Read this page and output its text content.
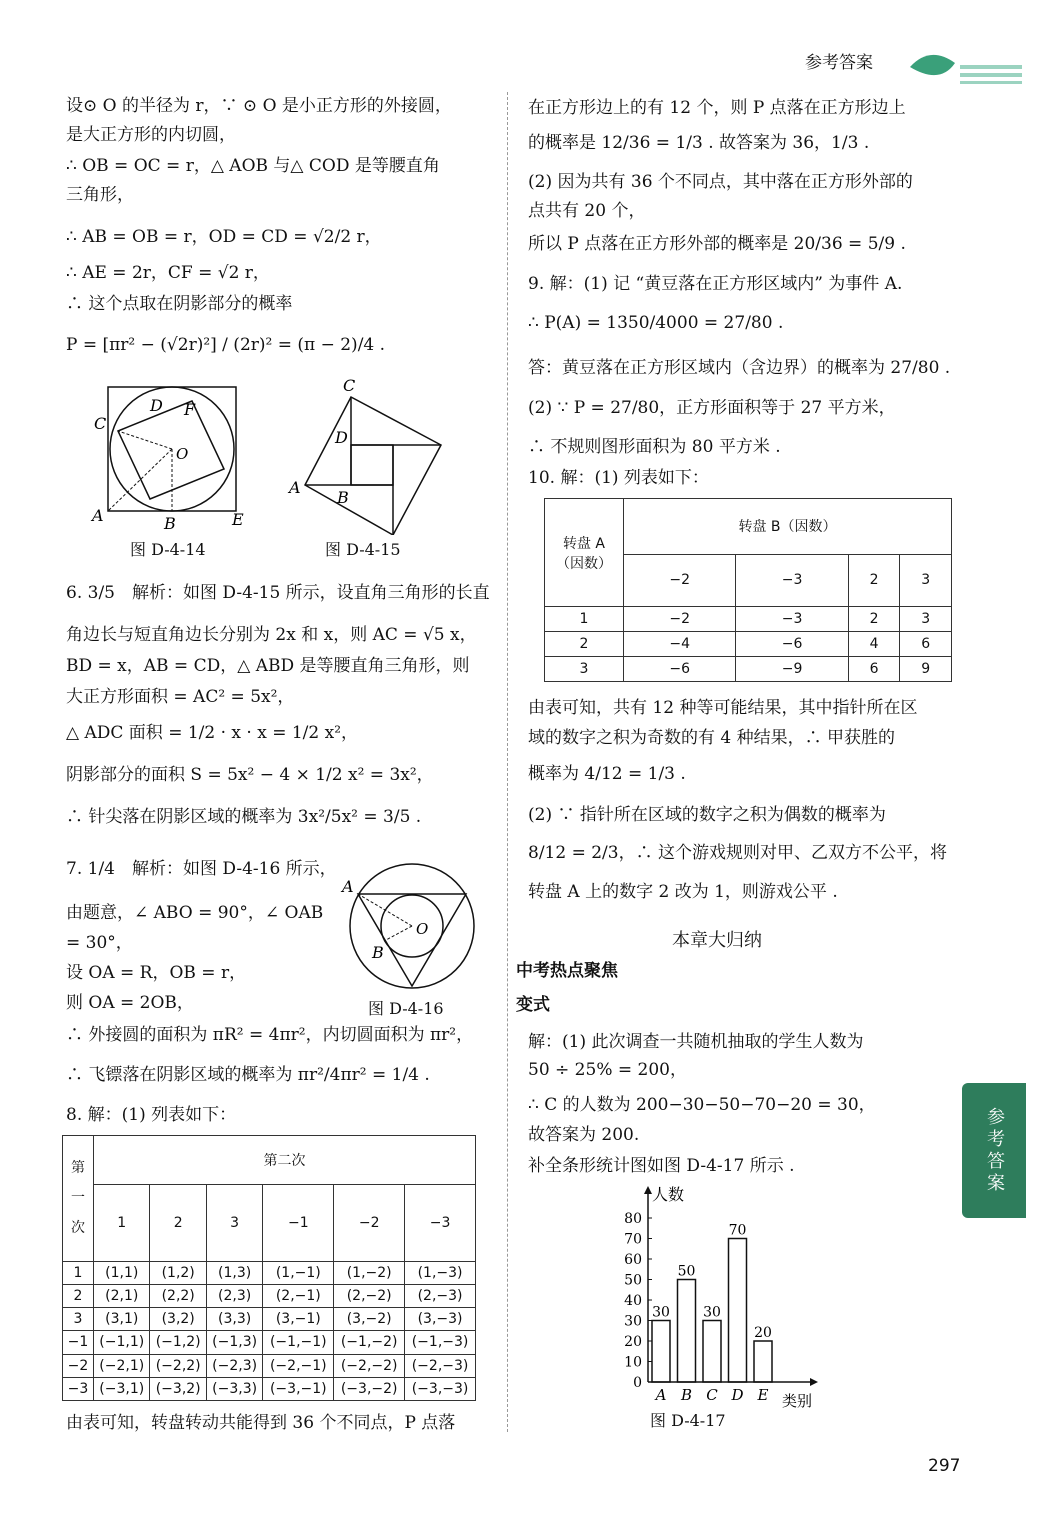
参考答案
设⊙ O 的半径为 r，∵ ⊙ O 是小正方形的外接圆，
是大正方形的内切圆，
∴ OB = OC = r，△ AOB 与△ COD 是等腰直角
三角形，
∴ AB = OB = r，OD = CD = √2/2 r，
∴ AE = 2r，CF = √2 r，
∴ 这个点取在阴影部分的概率
P = [πr² − (√2r)²] / (2r)² = (π − 2)/4 .
6. 3/5　解析：如图 D-4-15 所示，设直角三角形的长直
角边长与短直角边长分别为 2x 和 x，则 AC = √5 x，
BD = x，AB = CD，△ ABD 是等腰直角三角形，则
大正方形面积 = AC² = 5x²，
△ ADC 面积 = 1/2 · x · x = 1/2 x²，
阴影部分的面积 S = 5x² − 4 × 1/2 x² = 3x²，
∴ 针尖落在阴影区域的概率为 3x²/5x² = 3/5 .
7. 1/4　解析：如图 D-4-16 所示，
由题意，∠ ABO = 90°，∠ OAB
= 30°，
设 OA = R，OB = r，
则 OA = 2OB，
∴ 外接圆的面积为 πR² = 4πr²，内切圆面积为 πr²，
∴ 飞镖落在阴影区域的概率为 πr²/4πr² = 1/4 .
8. 解：(1) 列表如下：
由表可知，转盘转动共能得到 36 个不同点，P 点落
在正方形边上的有 12 个，则 P 点落在正方形边上
的概率是 12/36 = 1/3 . 故答案为 36，1/3 .
(2) 因为共有 36 个不同点，其中落在正方形外部的
点共有 20 个，
所以 P 点落在正方形外部的概率是 20/36 = 5/9 .
9. 解：(1) 记 “黄豆落在正方形区域内” 为事件 A.
∴ P(A) = 1350/4000 = 27/80 .
答：黄豆落在正方形区域内（含边界）的概率为 27/80 .
(2) ∵ P = 27/80，正方形面积等于 27 平方米，
∴ 不规则图形面积为 80 平方米 .
10. 解：(1) 列表如下：
由表可知，共有 12 种等可能结果，其中指针所在区
域的数字之积为奇数的有 4 种结果，∴ 甲获胜的
概率为 4/12 = 1/3 .
(2) ∵ 指针所在区域的数字之积为偶数的概率为
8/12 = 2/3，∴ 这个游戏规则对甲、乙双方不公平，将
转盘 A 上的数字 2 改为 1，则游戏公平 .
解：(1) 此次调查一共随机抽取的学生人数为
50 ÷ 25% = 200，
∴ C 的人数为 200−30−50−70−20 = 30，
故答案为 200.
补全条形统计图如图 D-4-17 所示 .
C
D F
O
A	B	E
图 D-4-14
C
D
A
B
图 D-4-15
A
O
B
图 D-4-16
第
一
次	第二次					
	1	2	3	−1	−2	−3
1	(1,1)	(1,2)	(1,3)	(1,−1)	(1,−2)	(1,−3)
2	(2,1)	(2,2)	(2,3)	(2,−1)	(2,−2)	(2,−3)
3	(3,1)	(3,2)	(3,3)	(3,−1)	(3,−2)	(3,−3)
−1	(−1,1)	(−1,2)	(−1,3)	(−1,−1)	(−1,−2)	(−1,−3)
−2	(−2,1)	(−2,2)	(−2,3)	(−2,−1)	(−2,−2)	(−2,−3)
−3	(−3,1)	(−3,2)	(−3,3)	(−3,−1)	(−3,−2)	(−3,−3)
转盘 A
（因数）	转盘 B（因数）			
	−2	−3	2	3
1	−2	−3	2	3
2	−4	−6	4	6
3	−6	−9	6	9
本章大归纳
中考热点聚焦
变式
人数
类别
0
10
20
30
40
50
60
70
80
30
A
50
B
30
C
70
D
20
E
图 D-4-17
参考答案
297
